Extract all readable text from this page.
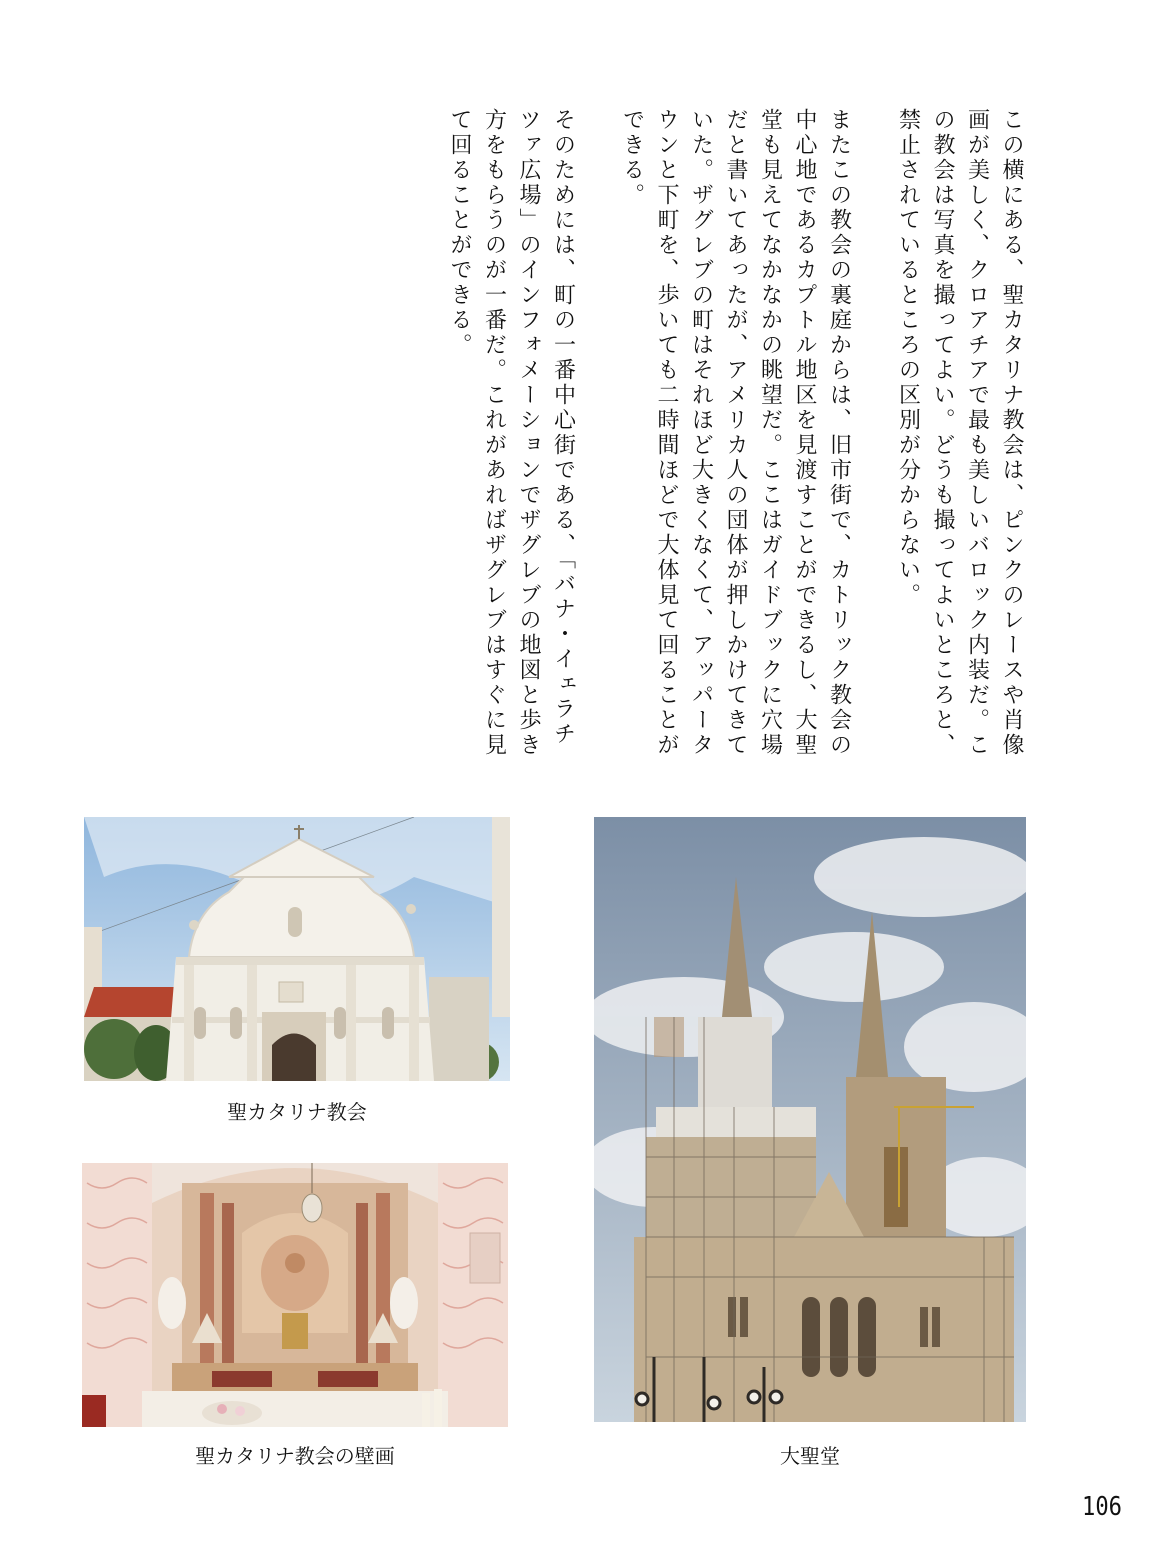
この横にある、聖カタリナ教会は、ピンクのレースや肖像画が美しく、クロアチアで最も美しいバロック内装だ。この教会は写真を撮ってよい。どうも撮ってよいところと、禁止されているところの区別が分からない。

またこの教会の裏庭からは、旧市街で、カトリック教会の中心地であるカプトル地区を見渡すことができるし、大聖堂も見えてなかなかの眺望だ。ここはガイドブックに穴場だと書いてあったが、アメリカ人の団体が押しかけてきていた。ザグレブの町はそれほど大きくなくて、アッパータウンと下町を、歩いても二時間ほどで大体見て回ることができる。

そのためには、町の一番中心街である、「バナ・イェラチツァ広場」のインフォメーションでザグレブの地図と歩き方をもらうのが一番だ。これがあればザグレブはすぐに見て回ることができる。

聖カタリナ教会
聖カタリナ教会の壁画	大聖堂
106
